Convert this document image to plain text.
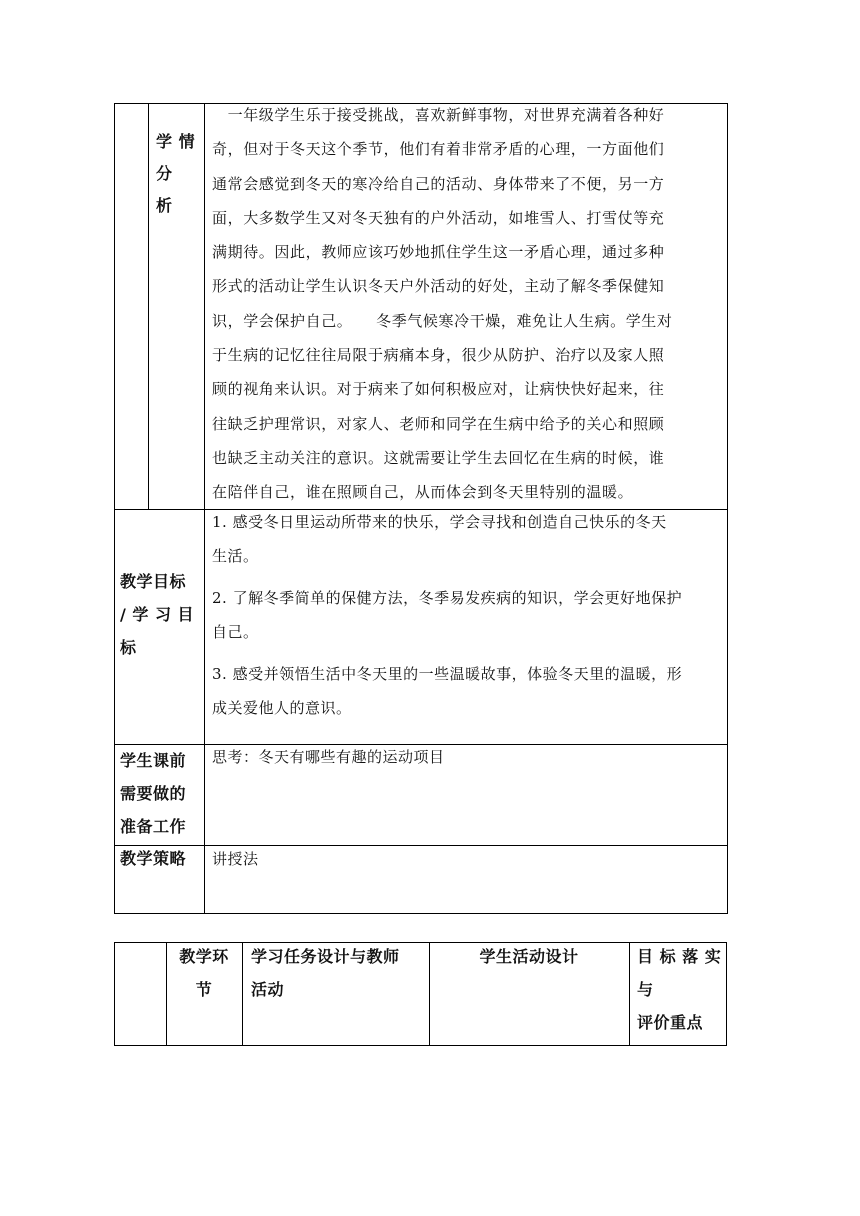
学 情
分
析
　一年级学生乐于接受挑战，喜欢新鲜事物，对世界充满着各种好
奇，但对于冬天这个季节，他们有着非常矛盾的心理，一方面他们
通常会感觉到冬天的寒冷给自己的活动、身体带来了不便，另一方
面，大多数学生又对冬天独有的户外活动，如堆雪人、打雪仗等充
满期待。因此，教师应该巧妙地抓住学生这一矛盾心理，通过多种
形式的活动让学生认识冬天户外活动的好处，主动了解冬季保健知
识，学会保护自己。　　冬季气候寒冷干燥，难免让人生病。学生对
于生病的记忆往往局限于病痛本身，很少从防护、治疗以及家人照
顾的视角来认识。对于病来了如何积极应对，让病快快好起来，往
往缺乏护理常识，对家人、老师和同学在生病中给予的关心和照顾
也缺乏主动关注的意识。这就需要让学生去回忆在生病的时候，谁
在陪伴自己，谁在照顾自己，从而体会到冬天里特别的温暖。
教学目标
/ 学 习 目
标
1. 感受冬日里运动所带来的快乐，学会寻找和创造自己快乐的冬天
生活。
2. 了解冬季简单的保健方法，冬季易发疾病的知识，学会更好地保护
自己。
3. 感受并领悟生活中冬天里的一些温暖故事，体验冬天里的温暖，形
成关爱他人的意识。
学生课前
需要做的
准备工作
思考：冬天有哪些有趣的运动项目
教学策略	讲授法
教学环
节
学习任务设计与教师
活动
学生活动设计	目 标 落 实
与
评价重点
